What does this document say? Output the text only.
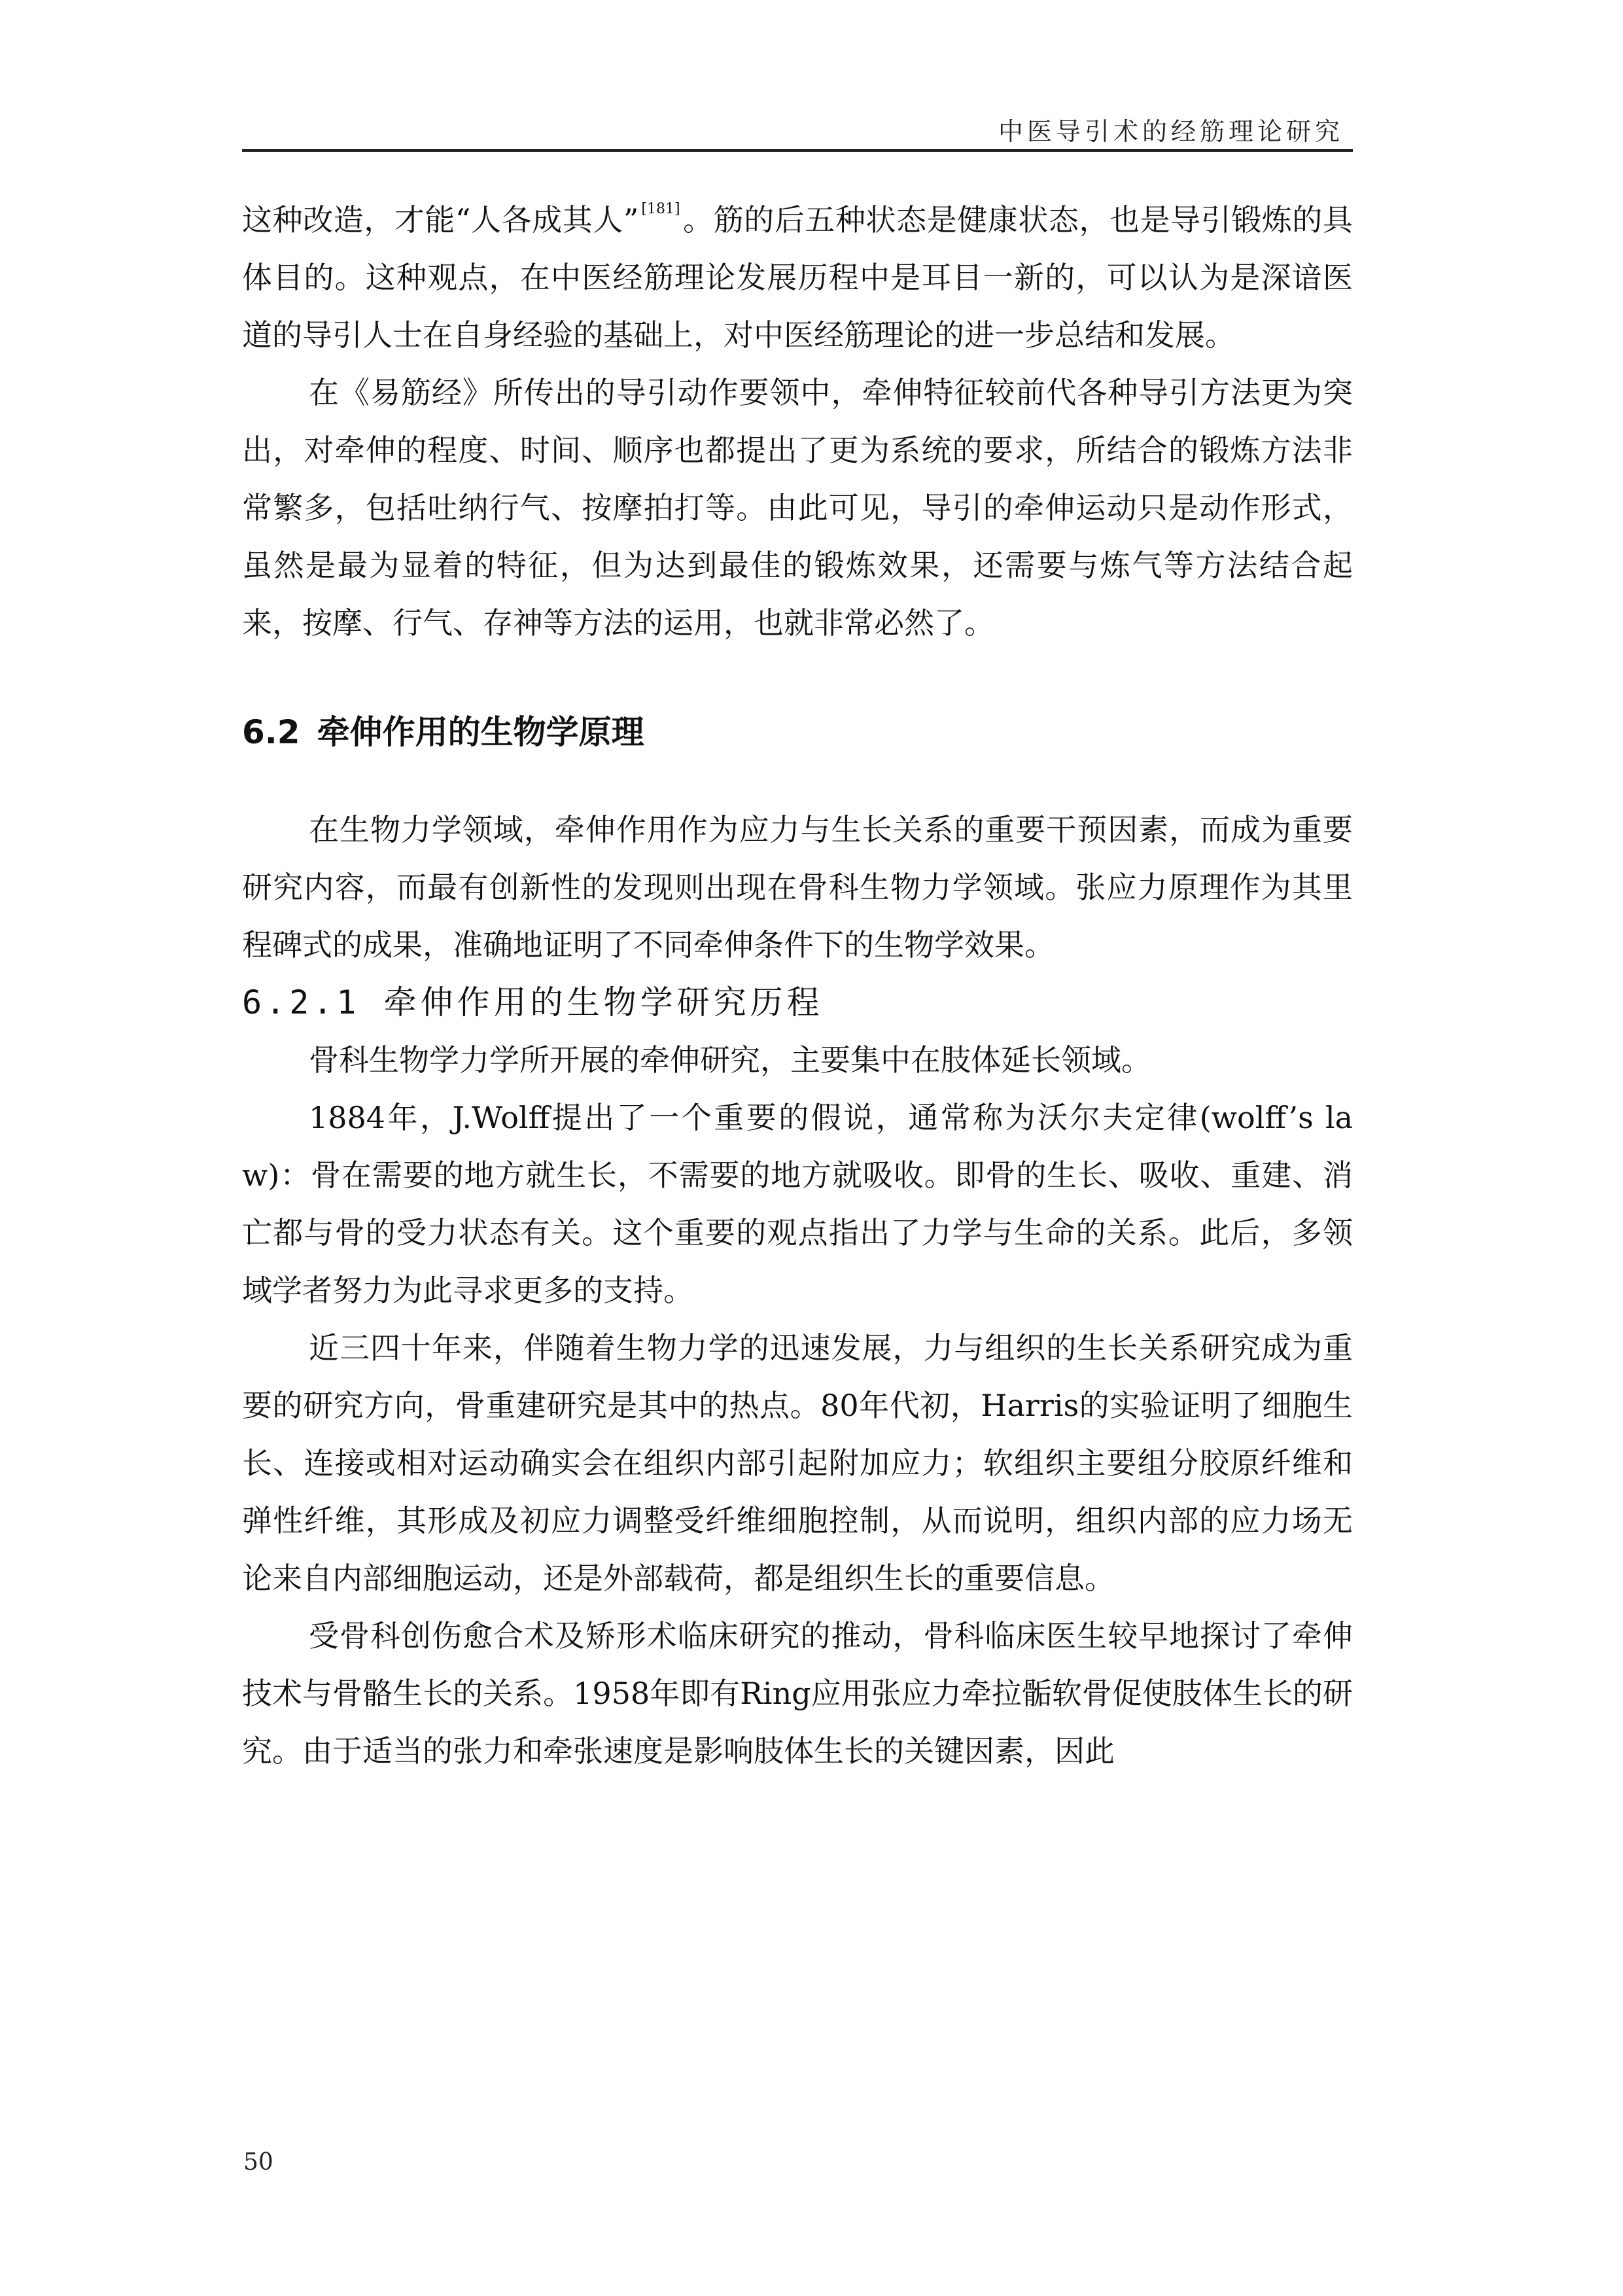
中医导引术的经筋理论研究

这种改造，才能“人各成其人” [181]。筋的后五种状态是健康状态，也是导引锻炼的具体目的。这种观点，在中医经筋理论发展历程中是耳目一新的，可以认为是深谙医道的导引人士在自身经验的基础上，对中医经筋理论的进一步总结和发展。

在《易筋经》所传出的导引动作要领中，牵伸特征较前代各种导引方法更为突出，对牵伸的程度、时间、顺序也都提出了更为系统的要求，所结合的锻炼方法非常繁多，包括吐纳行气、按摩拍打等。由此可见，导引的牵伸运动只是动作形式，虽然是最为显着的特征，但为达到最佳的锻炼效果，还需要与炼气等方法结合起来，按摩、行气、存神等方法的运用，也就非常必然了。

6.2 牵伸作用的生物学原理

在生物力学领域，牵伸作用作为应力与生长关系的重要干预因素，而成为重要研究内容，而最有创新性的发现则出现在骨科生物力学领域。张应力原理作为其里程碑式的成果，准确地证明了不同牵伸条件下的生物学效果。

6.2.1 牵伸作用的生物学研究历程

骨科生物学力学所开展的牵伸研究，主要集中在肢体延长领域。

1884年，J.Wolff提出了一个重要的假说，通常称为沃尔夫定律(wolff’s law)：骨在需要的地方就生长，不需要的地方就吸收。即骨的生长、吸收、重建、消亡都与骨的受力状态有关。这个重要的观点指出了力学与生命的关系。此后，多领域学者努力为此寻求更多的支持。

近三四十年来，伴随着生物力学的迅速发展，力与组织的生长关系研究成为重要的研究方向，骨重建研究是其中的热点。80年代初，Harris的实验证明了细胞生长、连接或相对运动确实会在组织内部引起附加应力；软组织主要组分胶原纤维和弹性纤维，其形成及初应力调整受纤维细胞控制，从而说明，组织内部的应力场无论来自内部细胞运动，还是外部载荷，都是组织生长的重要信息。

受骨科创伤愈合术及矫形术临床研究的推动，骨科临床医生较早地探讨了牵伸技术与骨骼生长的关系。1958年即有Ring应用张应力牵拉骺软骨促使肢体生长的研究。由于适当的张力和牵张速度是影响肢体生长的关键因素，因此

50
